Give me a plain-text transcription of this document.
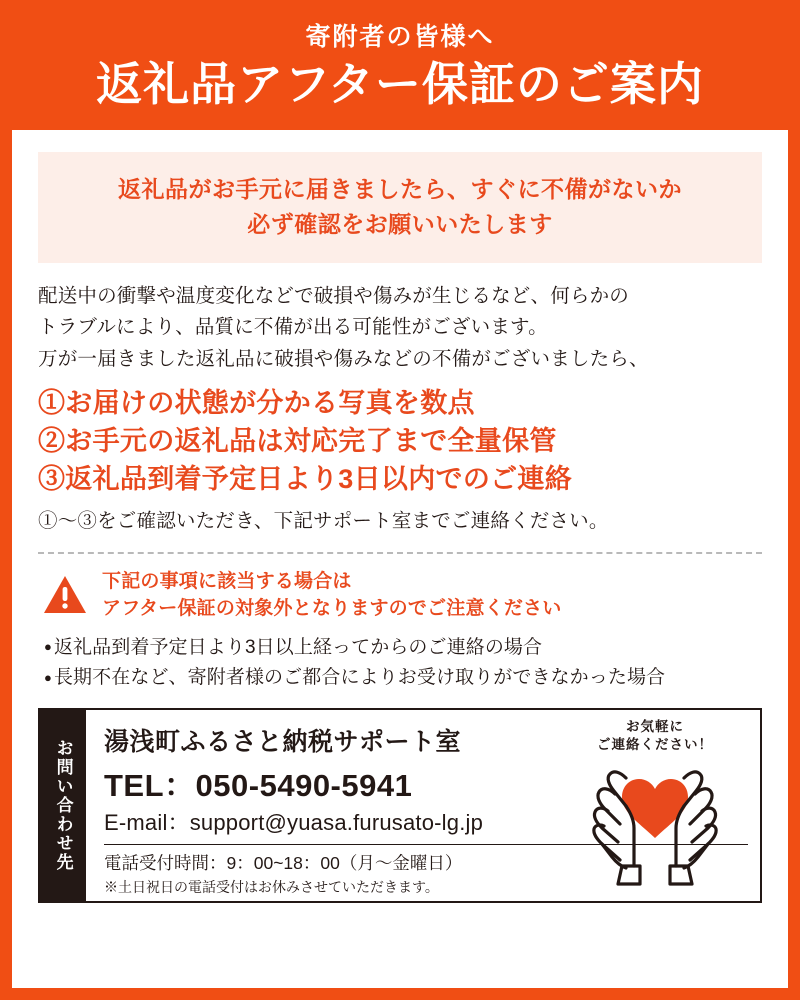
寄附者の皆様へ
返礼品アフター保証のご案内
返礼品がお手元に届きましたら、すぐに不備がないか
必ず確認をお願いいたします
配送中の衝撃や温度変化などで破損や傷みが生じるなど、何らかの
トラブルにより、品質に不備が出る可能性がございます。
万が一届きました返礼品に破損や傷みなどの不備がございましたら、
①お届けの状態が分かる写真を数点
②お手元の返礼品は対応完了まで全量保管
③返礼品到着予定日より3日以内でのご連絡
①～③をご確認いただき、下記サポート室までご連絡ください。
下記の事項に該当する場合は
アフター保証の対象外となりますのでご注意ください
● 返礼品到着予定日より3日以上経ってからのご連絡の場合
● 長期不在など、寄附者様のご都合によりお受け取りができなかった場合
お問い合わせ先 湯浅町ふるさと納税サポート室
TEL：050-5490-5941
E-mail：support@yuasa.furusato-lg.jp
電話受付時間：9：00~18：00（月～金曜日）
※土日祝日の電話受付はお休みさせていただきます。
お気軽に
ご連絡ください！
